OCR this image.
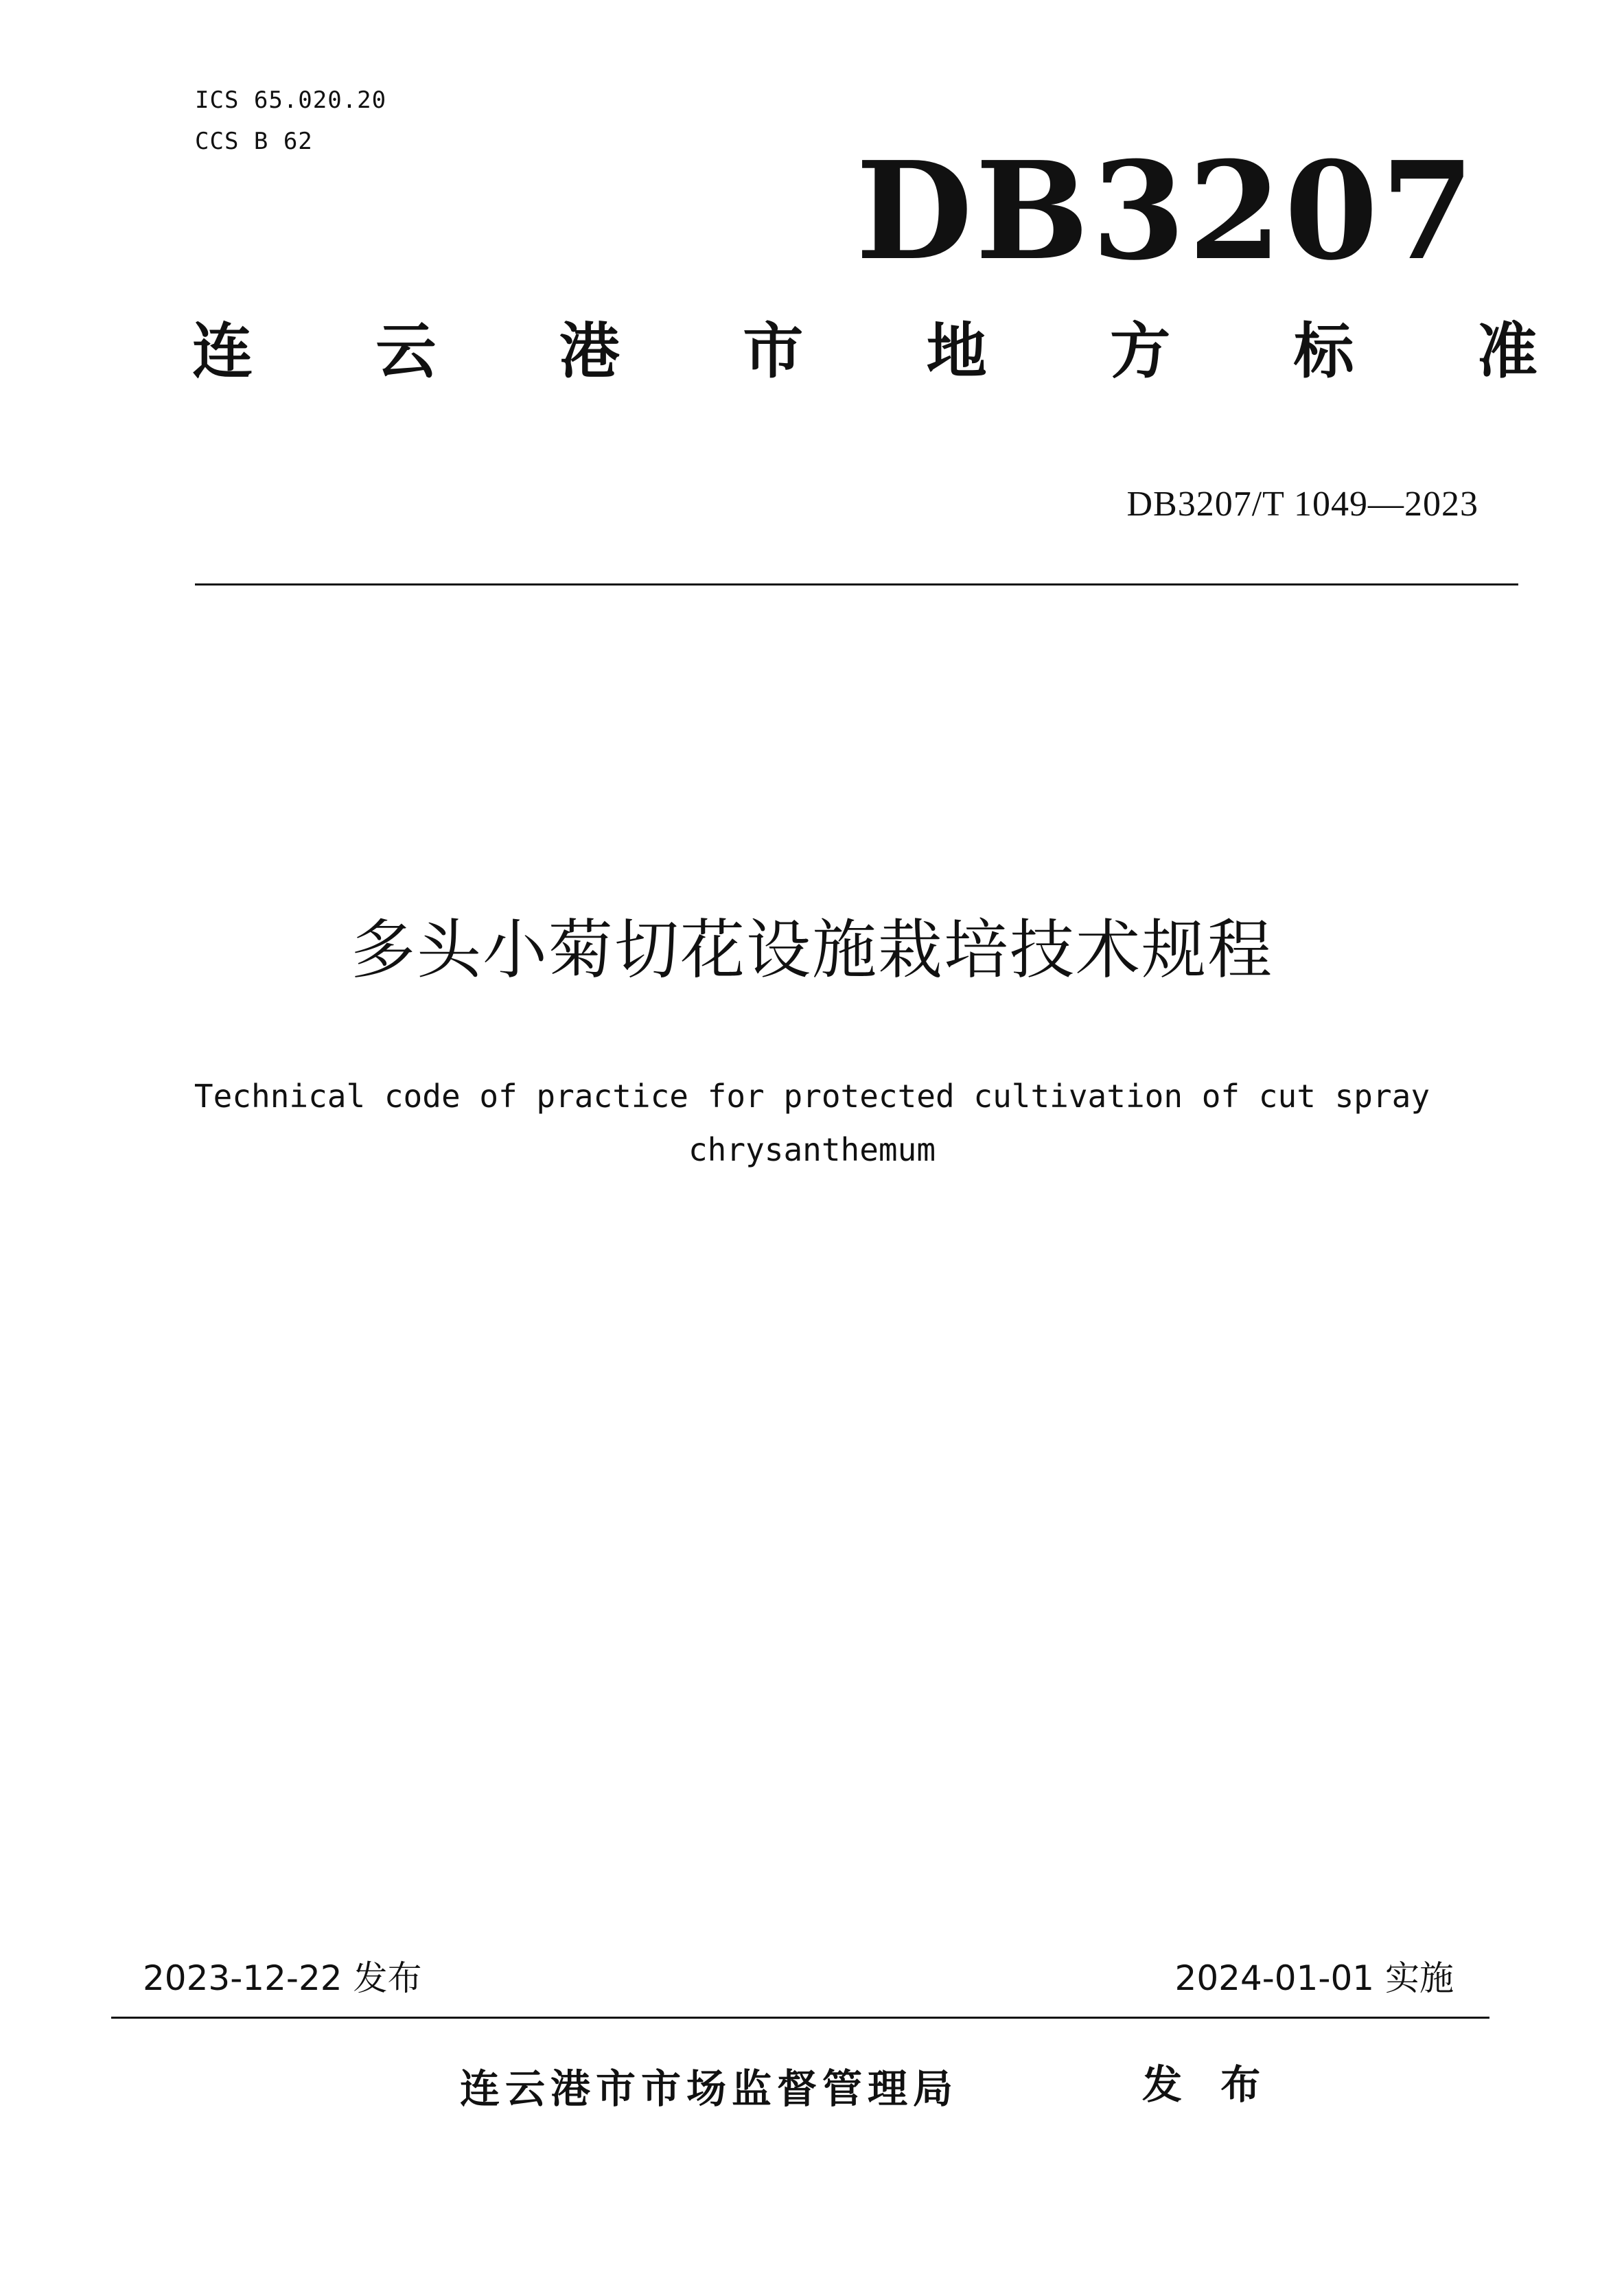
ICS 65.020.20
CCS B 62	DB3207
连 云 港 市 地 方 标 准
DB3207/T 1049—2023
多头小菊切花设施栽培技术规程
Technical code of practice for protected cultivation of cut spray
chrysanthemum
2023-12-22 发布	2024-01-01 实施
连云港市市场监督管理局	发 布
